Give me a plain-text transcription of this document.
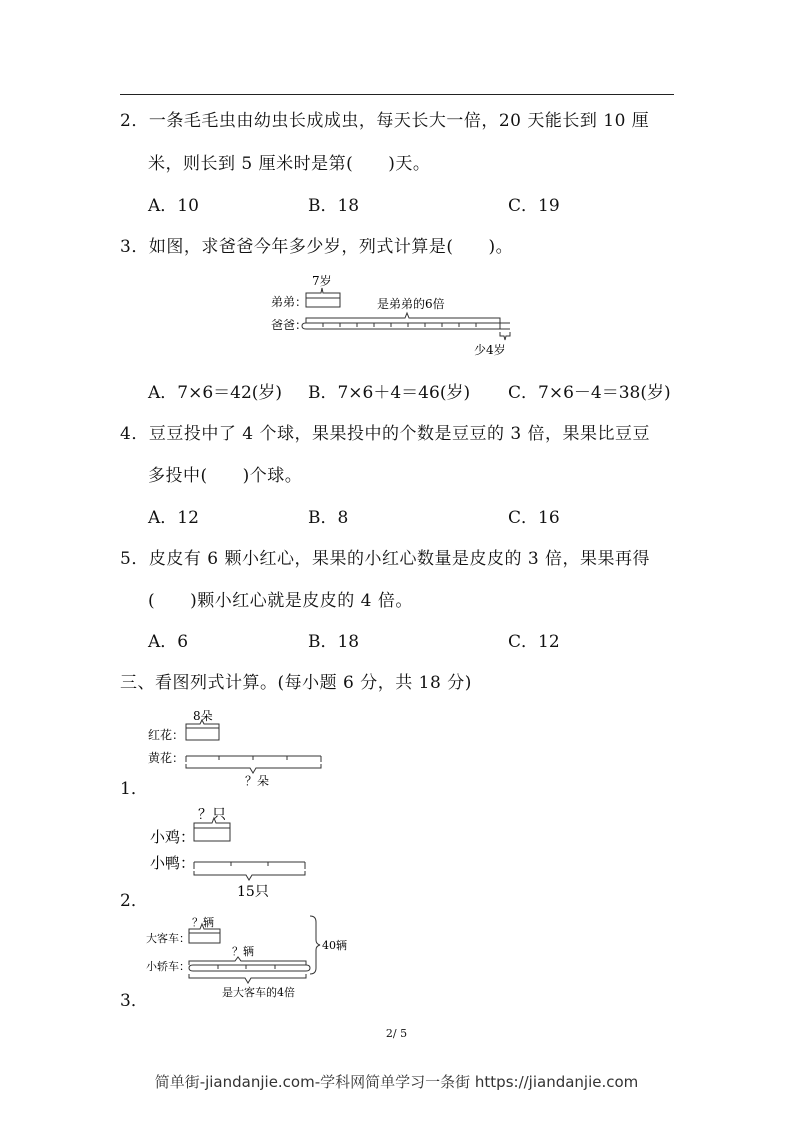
2．一条毛毛虫由幼虫长成成虫，每天长大一倍，20 天能长到 10 厘
米，则长到 5 厘米时是第(　　)天。
A．10	B．18	C．19
3．如图，求爸爸今年多少岁，列式计算是(　　)。
弟弟：
爸爸：
7岁
是弟弟的6倍
少4岁
A．7×6＝42(岁) B．7×6＋4＝46(岁) C．7×6－4＝38(岁)
4．豆豆投中了 4 个球，果果投中的个数是豆豆的 3 倍，果果比豆豆
多投中(　　)个球。
A．12	B．8	C．16
5．皮皮有 6 颗小红心，果果的小红心数量是皮皮的 3 倍，果果再得
(　　)颗小红心就是皮皮的 4 倍。
A．6	B．18	C．12
三、看图列式计算。(每小题 6 分，共 18 分)
1．
8朵
红花：
黄花：
？朵
2．
？只
小鸡：
小鸭：
15只
3．
？辆
大客车：
？辆
小轿车：
是大客车的4倍
40辆
2/ 5
简单街-jiandanjie.com-学科网简单学习一条街 https://jiandanjie.com
